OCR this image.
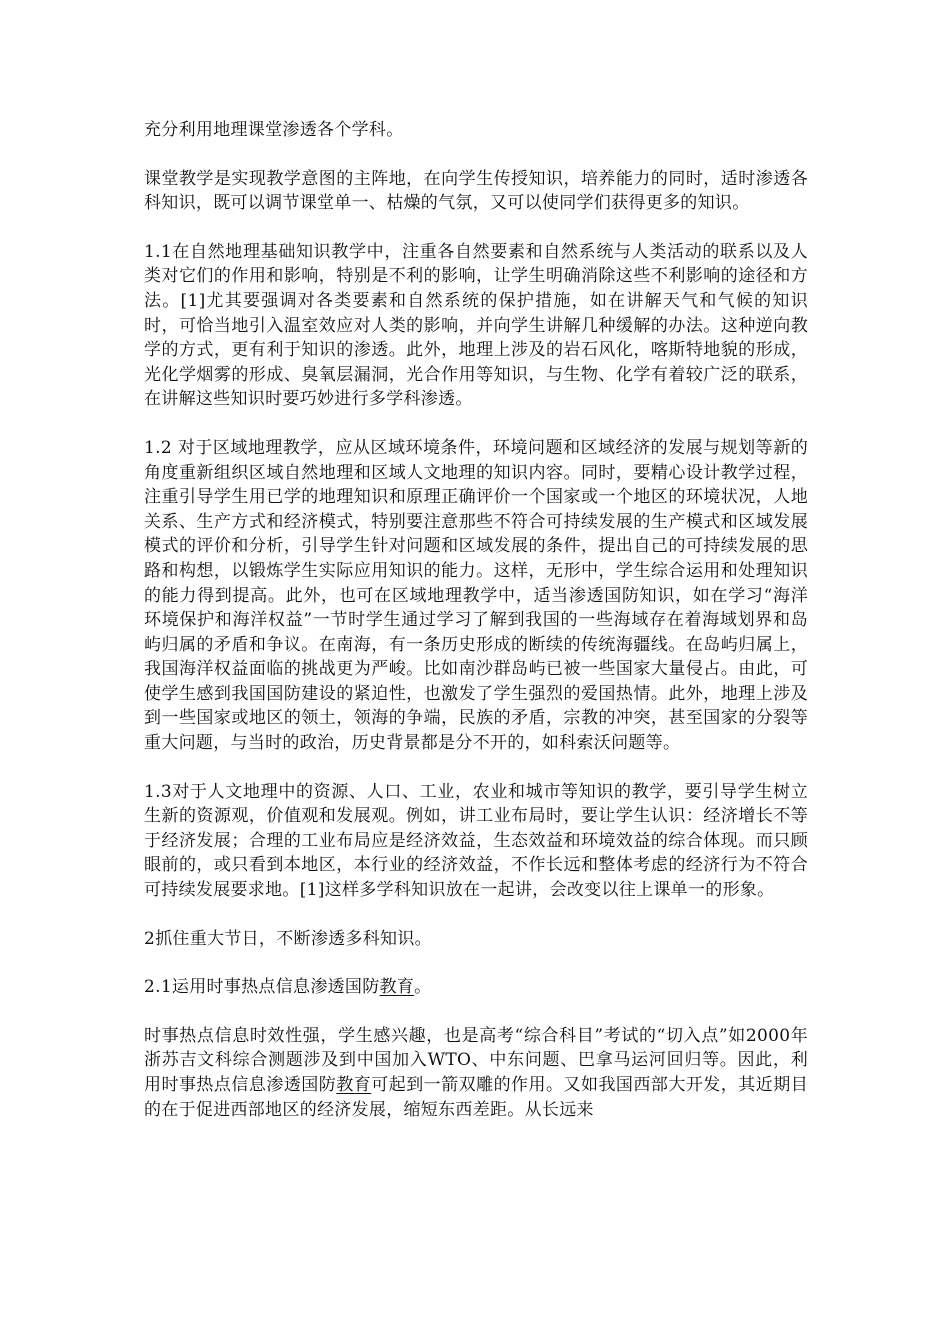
充分利用地理课堂渗透各个学科。

课堂教学是实现教学意图的主阵地，在向学生传授知识，培养能力的同时，适时渗透各科知识，既可以调节课堂单一、枯燥的气氛，又可以使同学们获得更多的知识。

1.1在自然地理基础知识教学中，注重各自然要素和自然系统与人类活动的联系以及人类对它们的作用和影响，特别是不利的影响，让学生明确消除这些不利影响的途径和方法。[1]尤其要强调对各类要素和自然系统的保护措施，如在讲解天气和气候的知识时，可恰当地引入温室效应对人类的影响，并向学生讲解几种缓解的办法。这种逆向教学的方式，更有利于知识的渗透。此外，地理上涉及的岩石风化，喀斯特地貌的形成，光化学烟雾的形成、臭氧层漏洞，光合作用等知识，与生物、化学有着较广泛的联系，在讲解这些知识时要巧妙进行多学科渗透。

1.2 对于区域地理教学，应从区域环境条件，环境问题和区域经济的发展与规划等新的角度重新组织区域自然地理和区域人文地理的知识内容。同时，要精心设计教学过程，注重引导学生用已学的地理知识和原理正确评价一个国家或一个地区的环境状况，人地关系、生产方式和经济模式，特别要注意那些不符合可持续发展的生产模式和区域发展模式的评价和分析，引导学生针对问题和区域发展的条件，提出自己的可持续发展的思路和构想，以锻炼学生实际应用知识的能力。这样，无形中，学生综合运用和处理知识的能力得到提高。此外，也可在区域地理教学中，适当渗透国防知识，如在学习“海洋环境保护和海洋权益”一节时学生通过学习了解到我国的一些海域存在着海域划界和岛屿归属的矛盾和争议。在南海，有一条历史形成的断续的传统海疆线。在岛屿归属上，我国海洋权益面临的挑战更为严峻。比如南沙群岛屿已被一些国家大量侵占。由此，可使学生感到我国国防建设的紧迫性，也激发了学生强烈的爱国热情。此外，地理上涉及到一些国家或地区的领土，领海的争端，民族的矛盾，宗教的冲突，甚至国家的分裂等重大问题，与当时的政治，历史背景都是分不开的，如科索沃问题等。

1.3对于人文地理中的资源、人口、工业，农业和城市等知识的教学，要引导学生树立生新的资源观，价值观和发展观。例如，讲工业布局时，要让学生认识：经济增长不等于经济发展；合理的工业布局应是经济效益，生态效益和环境效益的综合体现。而只顾眼前的，或只看到本地区，本行业的经济效益，不作长远和整体考虑的经济行为不符合可持续发展要求地。[1]这样多学科知识放在一起讲，会改变以往上课单一的形象。

2抓住重大节日，不断渗透多科知识。

2.1运用时事热点信息渗透国防教育。

时事热点信息时效性强，学生感兴趣，也是高考“综合科目”考试的“切入点”如2000年浙苏吉文科综合测题涉及到中国加入WTO、中东问题、巴拿马运河回归等。因此，利用时事热点信息渗透国防教育可起到一箭双雕的作用。又如我国西部大开发，其近期目的在于促进西部地区的经济发展，缩短东西差距。从长远来
